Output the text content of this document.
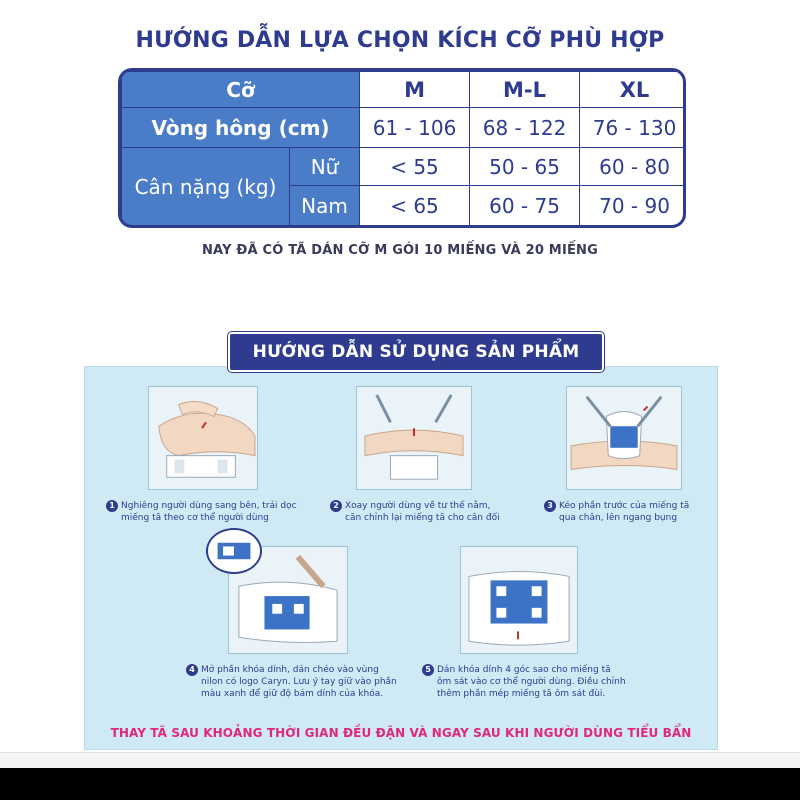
HƯỚNG DẪN LỰA CHỌN KÍCH CỠ PHÙ HỢP
Cỡ		M	M-L	XL
Vòng hông (cm)		61 - 106	68 - 122	76 - 130
Cân nặng (kg)	Nữ	< 55	50 - 65	60 - 80
	Nam	< 65	60 - 75	70 - 90
NAY ĐÃ CÓ TÃ DÁN CỠ M GÓI 10 MIẾNG VÀ 20 MIẾNG
HƯỚNG DẪN SỬ DỤNG SẢN PHẨM
1 Nghiêng người dùng sang bên, trải dọc
miếng tã theo cơ thể người dùng
2 Xoay người dùng về tư thế nằm,
căn chỉnh lại miếng tã cho cân đối
3 Kéo phần trước của miếng tã
qua chân, lên ngang bụng
4 Mở phần khóa dính, dán chéo vào vùng
nilon có logo Caryn. Lưu ý tay giữ vào phần
màu xanh để giữ độ bám dính của khóa.
5 Dán khóa dính 4 góc sao cho miếng tã
ôm sát vào cơ thể người dùng. Điều chỉnh
thêm phần mép miếng tã ôm sát đùi.
THAY TÃ SAU KHOẢNG THỜI GIAN ĐỀU ĐẶN VÀ NGAY SAU KHI NGƯỜI DÙNG TIỂU BẨN
